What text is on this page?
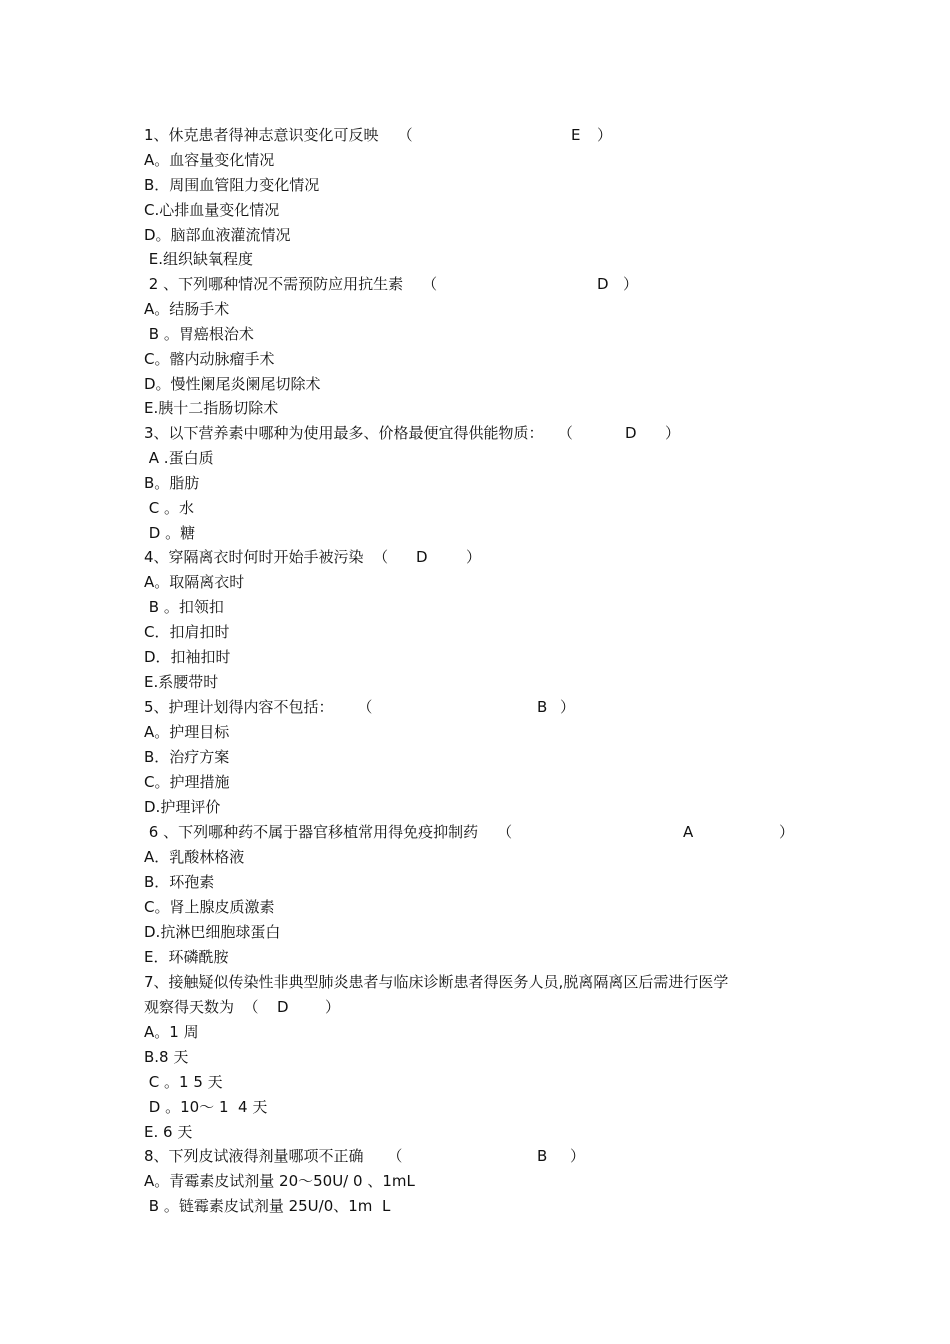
1、休克患者得神志意识变化可反映    （

	E

）

A。血容量变化情况
B．周围血管阻力变化情况
C.心排血量变化情况
D。脑部血液灌流情况
E.组织缺氧程度

2 、下列哪种情况不需预防应用抗生素    （

	D

）

A。结肠手术
B 。胃癌根治术
C。髂内动脉瘤手术
D。慢性阑尾炎阑尾切除术
E.胰十二指肠切除术

3、以下营养素中哪种为使用最多、价格最便宜得供能物质：   （

	D

）

A .蛋白质
B。脂肪
C 。水
D 。糖

4、穿隔离衣时何时开始手被污染  （

D

	）

A。取隔离衣时
B 。扣领扣
C．扣肩扣时
D．扣袖扣时
E.系腰带时

5、护理计划得内容不包括：     （

	B

）

A。护理目标
B．治疗方案
C。护理措施
D.护理评价

6 、下列哪种药不属于器官移植常用得免疫抑制药    （

	A

	）

A．乳酸林格液
B．环孢素
C。肾上腺皮质激素
D.抗淋巴细胞球蛋白
E．环磷酰胺
7、接触疑似传染性非典型肺炎患者与临床诊断患者得医务人员,脱离隔离区后需进行医学

观察得天数为  （

D

）

A。1 周
B.8 天
C 。1 5 天
D 。10～ 1  4 天
E. 6 天

8、下列皮试液得剂量哪项不正确     （

	B

）

A。青霉素皮试剂量 20～50U/ 0 、1mL
B 。链霉素皮试剂量 25U/0、1m  L
